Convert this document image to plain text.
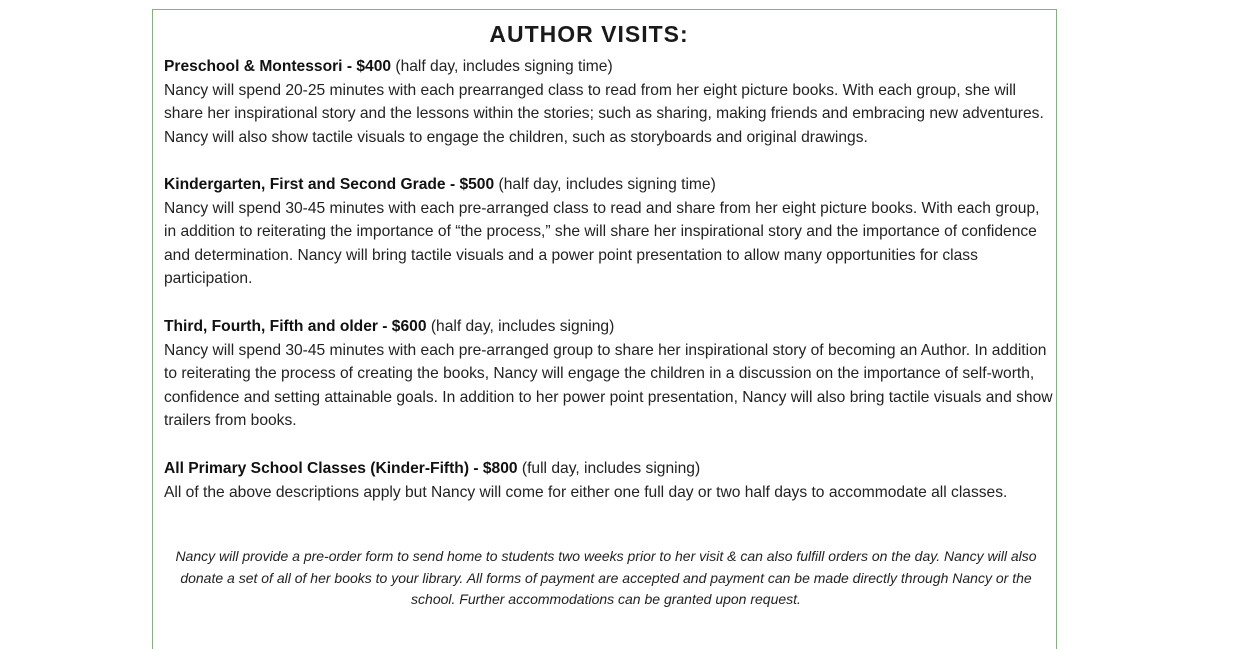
AUTHOR VISITS:

Preschool & Montessori - $400 (half day, includes signing time)

Nancy will spend 20-25 minutes with each prearranged class to read from her eight picture books. With each group, she will share her inspirational story and the lessons within the stories; such as sharing, making friends and embracing new adventures. Nancy will also show tactile visuals to engage the children, such as storyboards and original drawings.

Kindergarten, First and Second Grade - $500 (half day, includes signing time)

Nancy will spend 30-45 minutes with each pre-arranged class to read and share from her eight picture books. With each group, in addition to reiterating the importance of “the process,” she will share her inspirational story and the importance of confidence and determination. Nancy will bring tactile visuals and a power point presentation to allow many opportunities for class participation.

Third, Fourth, Fifth and older - $600 (half day, includes signing)

Nancy will spend 30-45 minutes with each pre-arranged group to share her inspirational story of becoming an Author. In addition to reiterating the process of creating the books, Nancy will engage the children in a discussion on the importance of self-worth, confidence and setting attainable goals. In addition to her power point presentation, Nancy will also bring tactile visuals and show trailers from books.

All Primary School Classes (Kinder-Fifth) - $800 (full day, includes signing)

All of the above descriptions apply but Nancy will come for either one full day or two half days to accommodate all classes.

Nancy will provide a pre-order form to send home to students two weeks prior to her visit & can also fulfill orders on the day. Nancy will also donate a set of all of her books to your library. All forms of payment are accepted and payment can be made directly through Nancy or the school. Further accommodations can be granted upon request.
